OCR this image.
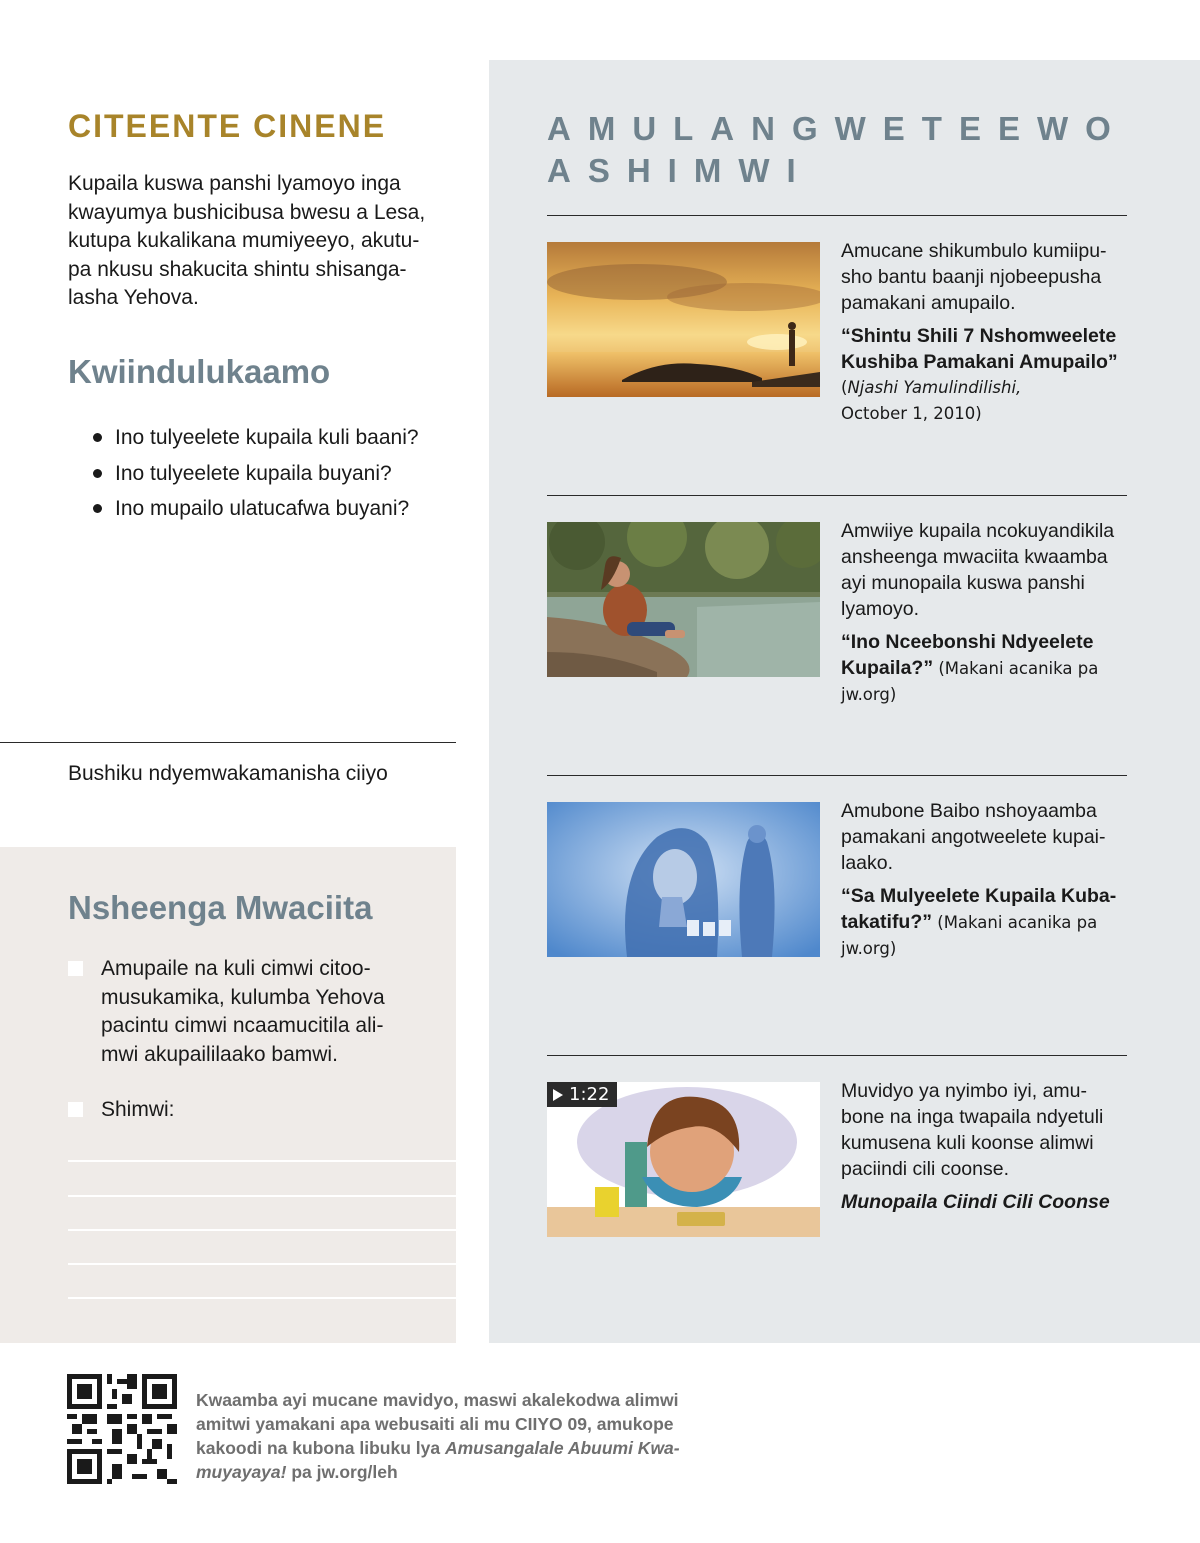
AMULANGWETEEWO
ASHIMWI
Amucane shikumbulo kumiipu-
sho bantu baanji njobeepusha
pamakani amupailo.
“Shintu Shili 7 Nshomweelete
Kushiba Pamakani Amupailo”
(Njashi Yamulindilishi,
October 1, 2010)
Amwiiye kupaila ncokuyandikila
ansheenga mwaciita kwaamba
ayi munopaila kuswa panshi
lyamoyo.
“Ino Nceebonshi Ndyeelete
Kupaila?” (Makani acanika pa
jw.org)
Amubone Baibo nshoyaamba
pamakani angotweelete kupai-
laako.
“Sa Mulyeelete Kupaila Kuba-
takatifu?” (Makani acanika pa
jw.org)
1:22	Muvidyo ya nyimbo iyi, amu-
bone na inga twapaila ndyetuli
kumusena kuli koonse alimwi
paciindi cili coonse.
Munopaila Ciindi Cili Coonse
CITEENTE CINENE
Kupaila kuswa panshi lyamoyo inga
kwayumya bushicibusa bwesu a Lesa,
kutupa kukalikana mumiyeeyo, akutu-
pa nkusu shakucita shintu shisanga-
lasha Yehova.
Kwiindulukaamo
Ino tulyeelete kupaila kuli baani?
Ino tulyeelete kupaila buyani?
Ino mupailo ulatucafwa buyani?
Bushiku ndyemwakamanisha ciiyo
Nsheenga Mwaciita
Amupaile na kuli cimwi citoo-
musukamika, kulumba Yehova
pacintu cimwi ncaamucitila ali-
mwi akupaililaako bamwi.
Shimwi:
Kwaamba ayi mucane mavidyo, maswi akalekodwa alimwi
amitwi yamakani apa webusaiti ali mu CIIYO 09, amukope
kakoodi na kubona libuku lya Amusangalale Abuumi Kwa-
muyayaya! pa jw.org/leh
